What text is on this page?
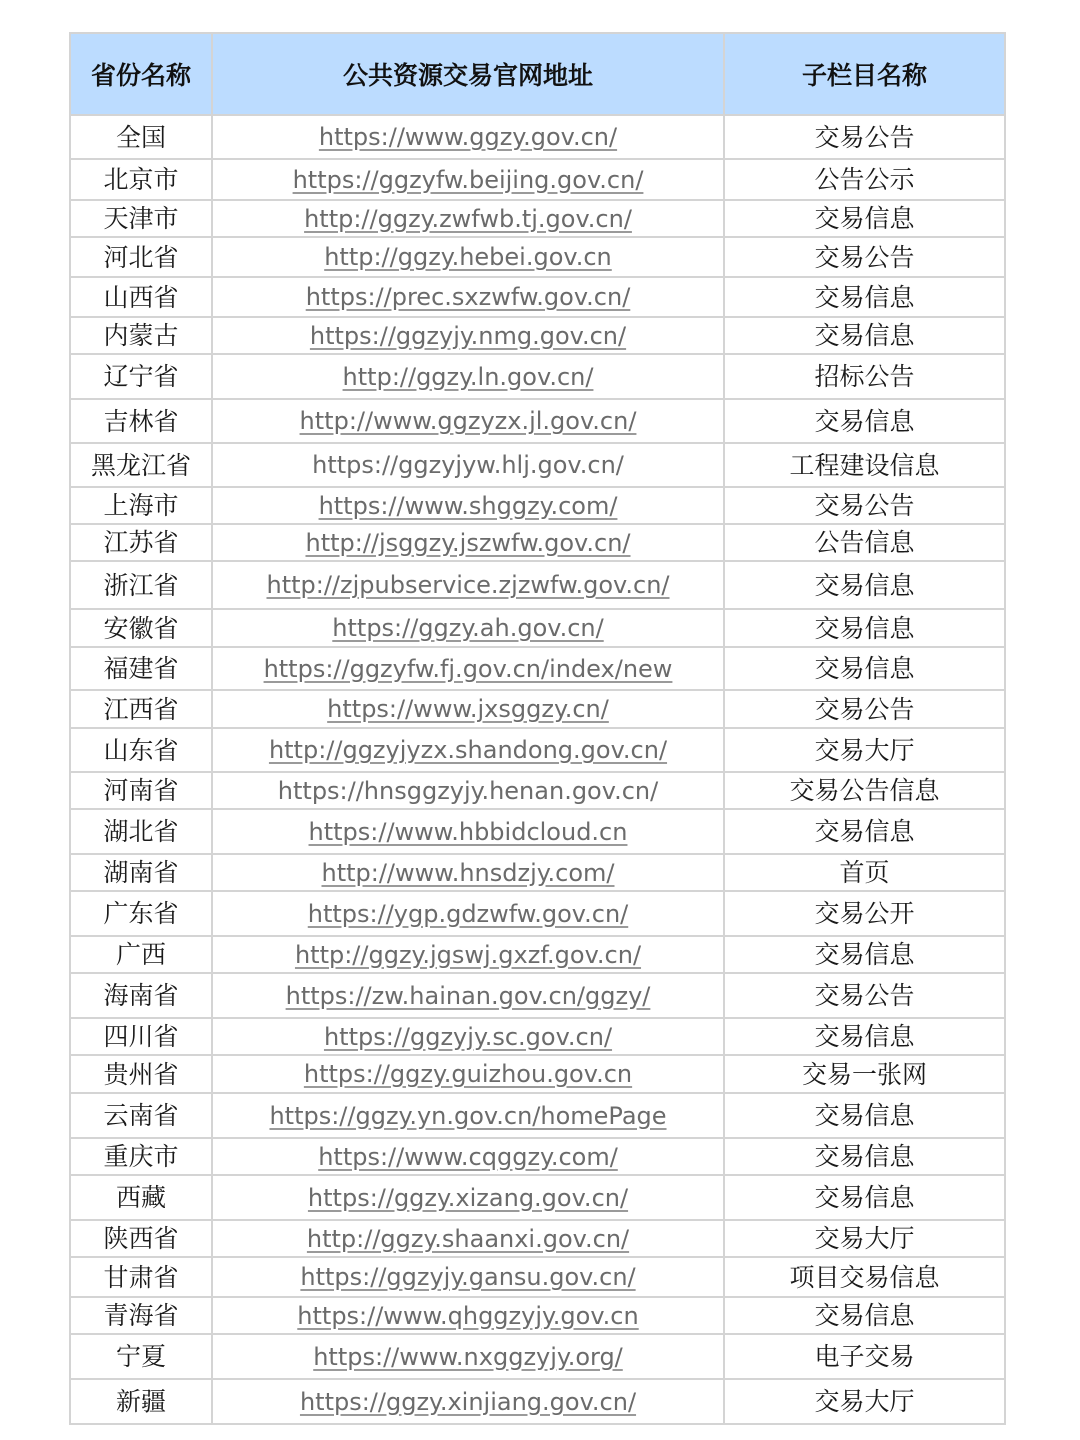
省份名称	公共资源交易官网地址	子栏目名称
全国	https://www.ggzy.gov.cn/	交易公告
北京市	https://ggzyfw.beijing.gov.cn/	公告公示
天津市	http://ggzy.zwfwb.tj.gov.cn/	交易信息
河北省	http://ggzy.hebei.gov.cn	交易公告
山西省	https://prec.sxzwfw.gov.cn/	交易信息
内蒙古	https://ggzyjy.nmg.gov.cn/	交易信息
辽宁省	http://ggzy.ln.gov.cn/	招标公告
吉林省	http://www.ggzyzx.jl.gov.cn/	交易信息
黑龙江省	https://ggzyjyw.hlj.gov.cn/	工程建设信息
上海市	https://www.shggzy.com/	交易公告
江苏省	http://jsggzy.jszwfw.gov.cn/	公告信息
浙江省	http://zjpubservice.zjzwfw.gov.cn/	交易信息
安徽省	https://ggzy.ah.gov.cn/	交易信息
福建省	https://ggzyfw.fj.gov.cn/index/new	交易信息
江西省	https://www.jxsggzy.cn/	交易公告
山东省	http://ggzyjyzx.shandong.gov.cn/	交易大厅
河南省	https://hnsggzyjy.henan.gov.cn/	交易公告信息
湖北省	https://www.hbbidcloud.cn	交易信息
湖南省	http://www.hnsdzjy.com/	首页
广东省	https://ygp.gdzwfw.gov.cn/	交易公开
广西	http://ggzy.jgswj.gxzf.gov.cn/	交易信息
海南省	https://zw.hainan.gov.cn/ggzy/	交易公告
四川省	https://ggzyjy.sc.gov.cn/	交易信息
贵州省	https://ggzy.guizhou.gov.cn	交易一张网
云南省	https://ggzy.yn.gov.cn/homePage	交易信息
重庆市	https://www.cqggzy.com/	交易信息
西藏	https://ggzy.xizang.gov.cn/	交易信息
陕西省	http://ggzy.shaanxi.gov.cn/	交易大厅
甘肃省	https://ggzyjy.gansu.gov.cn/	项目交易信息
青海省	https://www.qhggzyjy.gov.cn	交易信息
宁夏	https://www.nxggzyjy.org/	电子交易
新疆	https://ggzy.xinjiang.gov.cn/	交易大厅
